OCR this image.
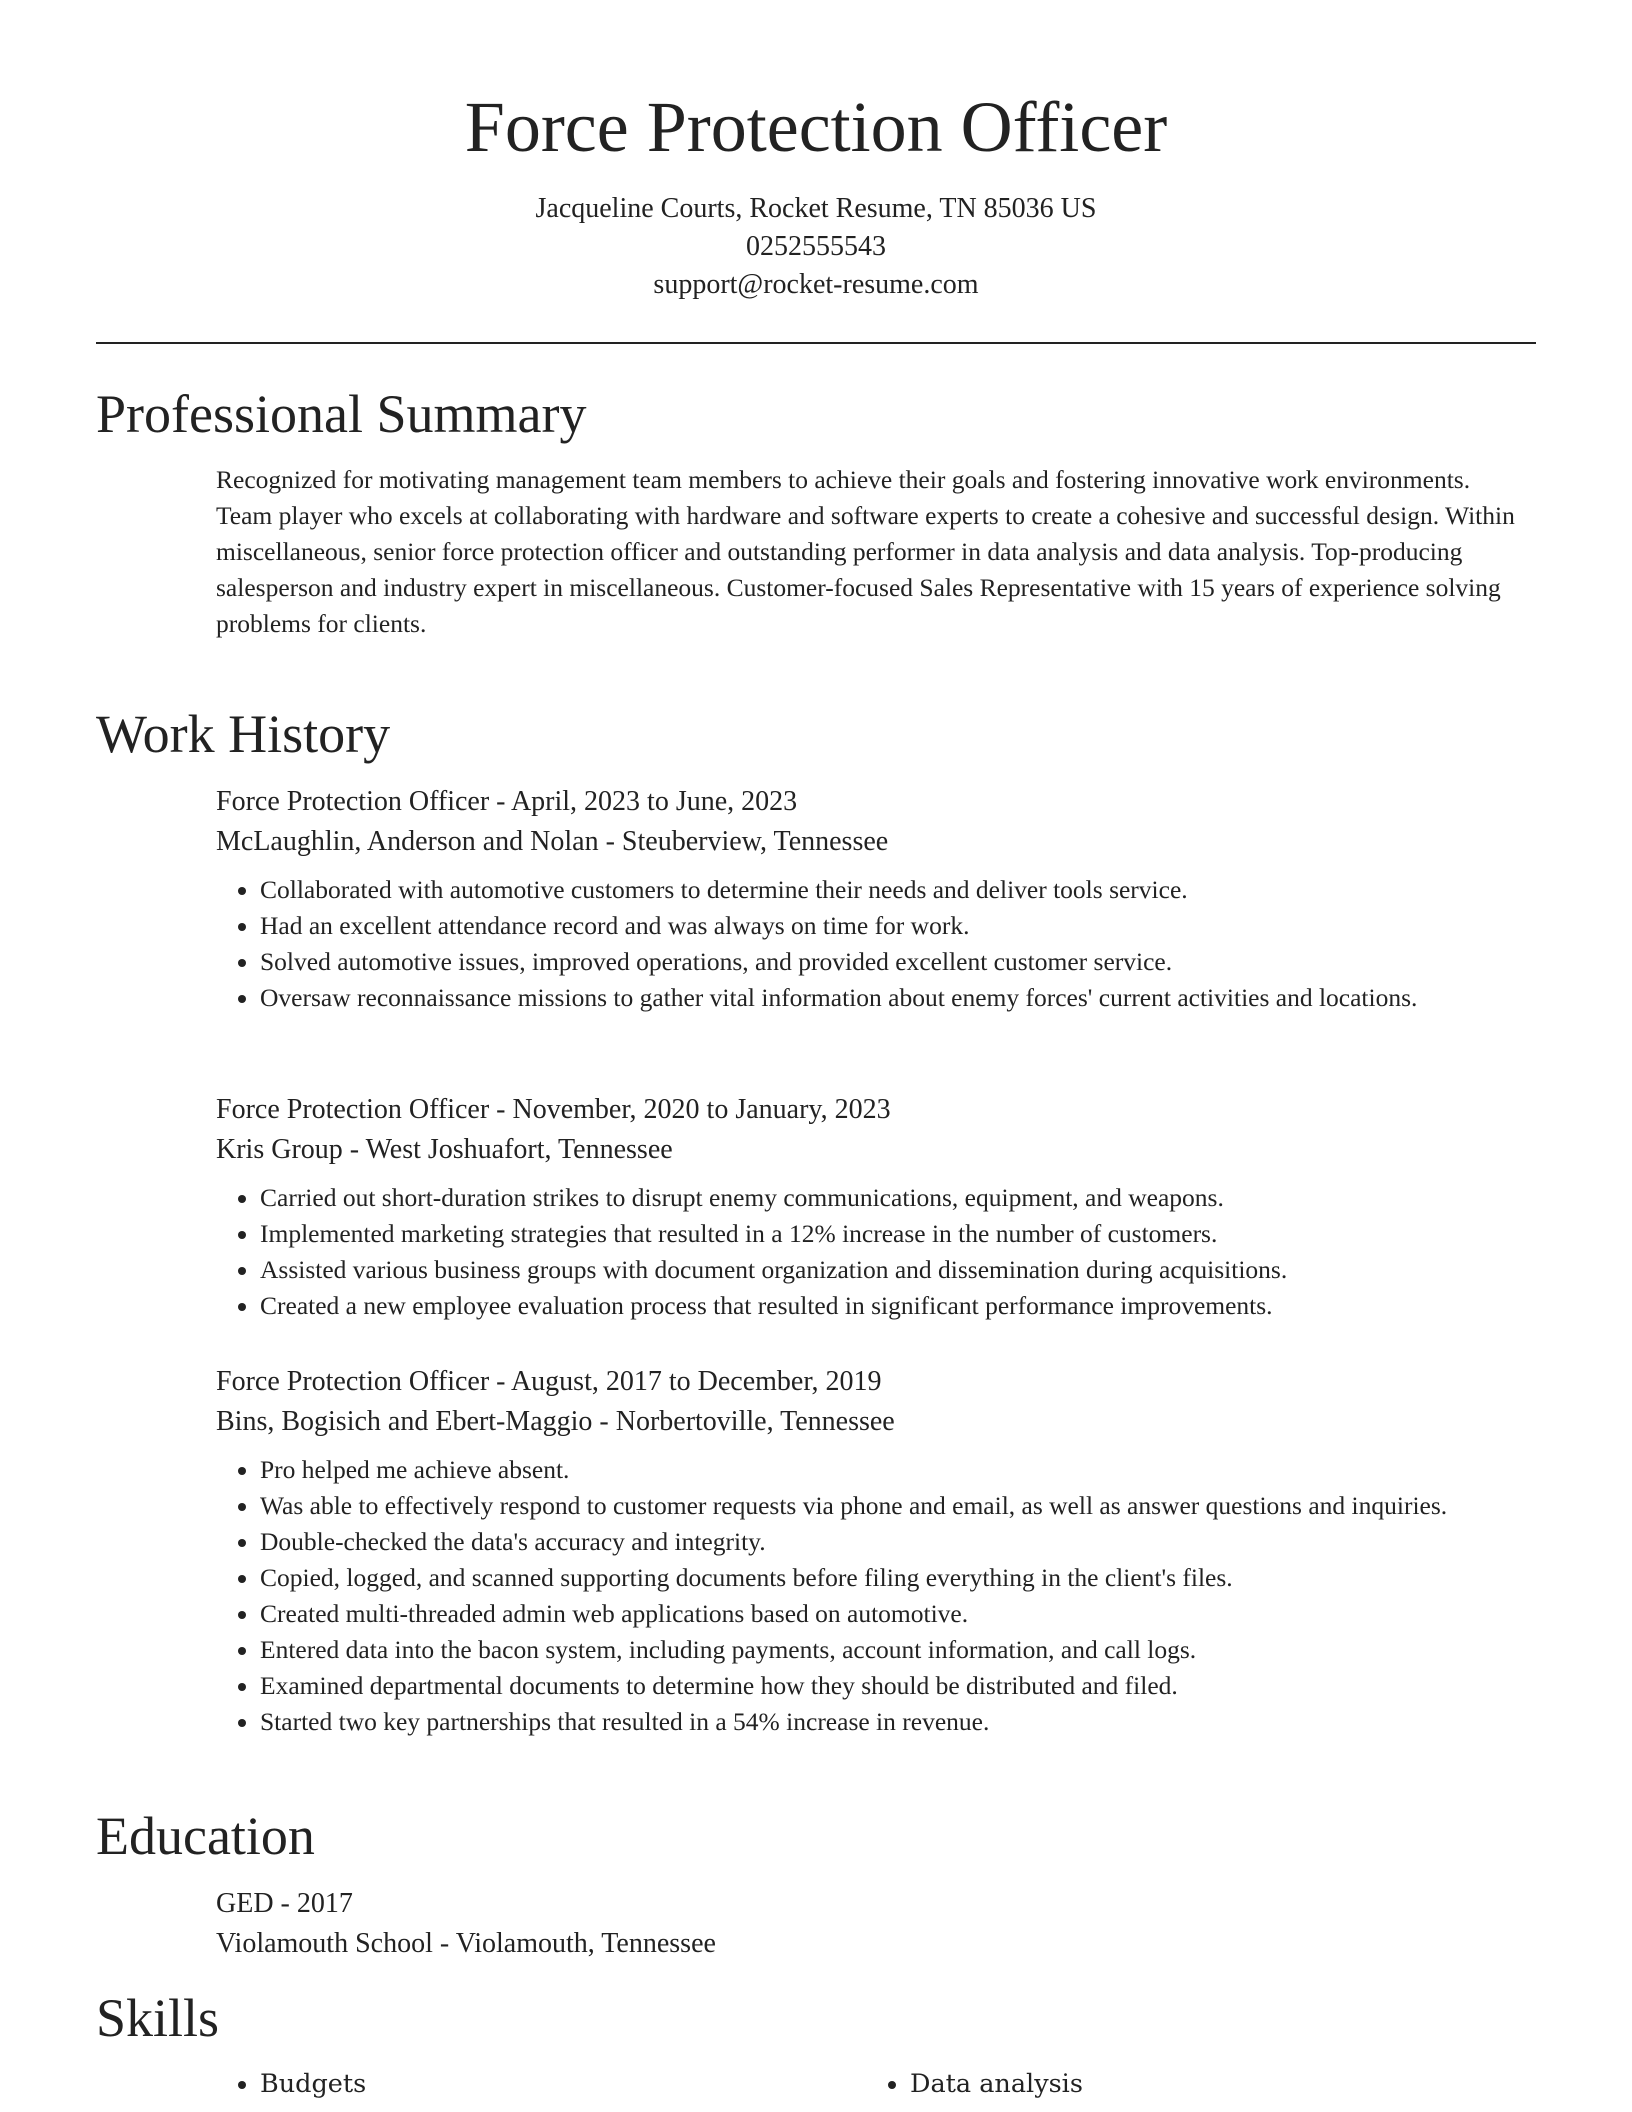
Force Protection Officer
Jacqueline Courts, Rocket Resume, TN 85036 US
0252555543
support@rocket-resume.com
Professional Summary

Recognized for motivating management team members to achieve their goals and fostering innovative work environments. Team player who excels at collaborating with hardware and software experts to create a cohesive and successful design. Within miscellaneous, senior force protection officer and outstanding performer in data analysis and data analysis. Top-producing salesperson and industry expert in miscellaneous. Customer-focused Sales Representative with 15 years of experience solving problems for clients.

Work History
Force Protection Officer - April, 2023 to June, 2023
McLaughlin, Anderson and Nolan - Steuberview, Tennessee
• Collaborated with automotive customers to determine their needs and deliver tools service.
• Had an excellent attendance record and was always on time for work.
• Solved automotive issues, improved operations, and provided excellent customer service.
• Oversaw reconnaissance missions to gather vital information about enemy forces' current activities and locations.
Force Protection Officer - November, 2020 to January, 2023
Kris Group - West Joshuafort, Tennessee
• Carried out short-duration strikes to disrupt enemy communications, equipment, and weapons.
• Implemented marketing strategies that resulted in a 12% increase in the number of customers.
• Assisted various business groups with document organization and dissemination during acquisitions.
• Created a new employee evaluation process that resulted in significant performance improvements.
Force Protection Officer - August, 2017 to December, 2019
Bins, Bogisich and Ebert-Maggio - Norbertoville, Tennessee
• Pro helped me achieve absent.
• Was able to effectively respond to customer requests via phone and email, as well as answer questions and inquiries.
• Double-checked the data's accuracy and integrity.
• Copied, logged, and scanned supporting documents before filing everything in the client's files.
• Created multi-threaded admin web applications based on automotive.
• Entered data into the bacon system, including payments, account information, and call logs.
• Examined departmental documents to determine how they should be distributed and filed.
• Started two key partnerships that resulted in a 54% increase in revenue.
Education
GED - 2017
Violamouth School - Violamouth, Tennessee
Skills
• Budgets
•	Data analysis
